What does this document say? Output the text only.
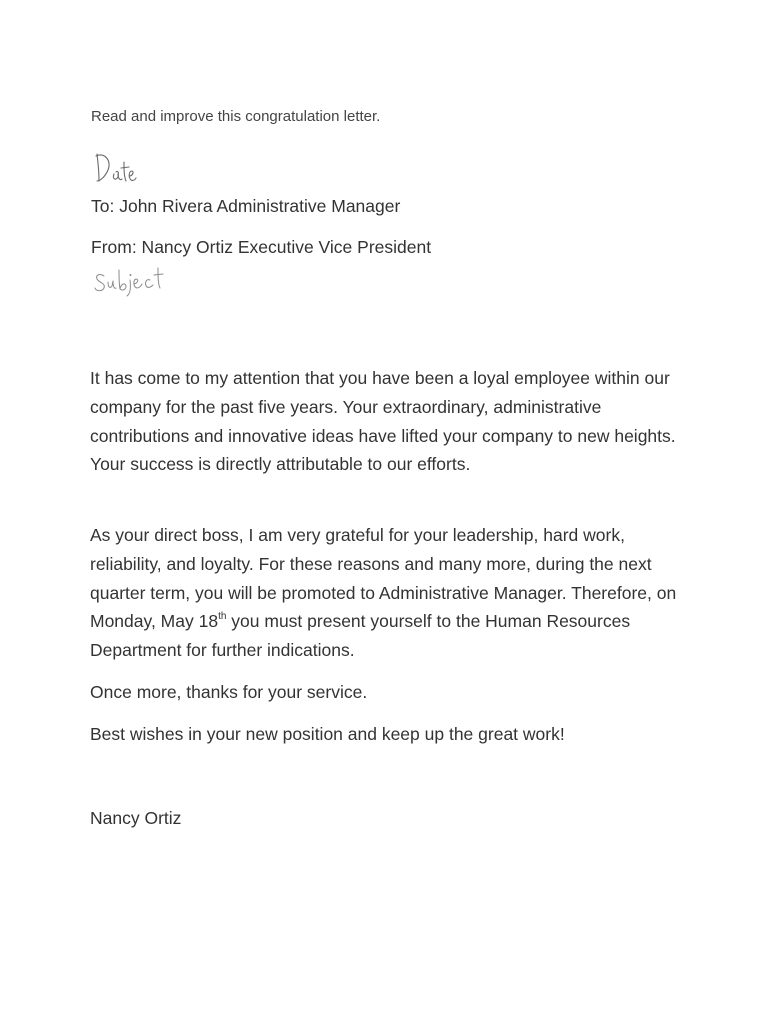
Read and improve this congratulation letter.
To: John Rivera Administrative Manager
From: Nancy Ortiz Executive Vice President

It has come to my attention that you have been a loyal employee within our company for the past five years. Your extraordinary, administrative contributions and innovative ideas have lifted your company to new heights. Your success is directly attributable to our efforts.

As your direct boss, I am very grateful for your leadership, hard work, reliability, and loyalty. For these reasons and many more, during the next quarter term, you will be promoted to Administrative Manager. Therefore, on Monday, May 18th you must present yourself to the Human Resources Department for further indications.

Once more, thanks for your service.

Best wishes in your new position and keep up the great work!

Nancy Ortiz
